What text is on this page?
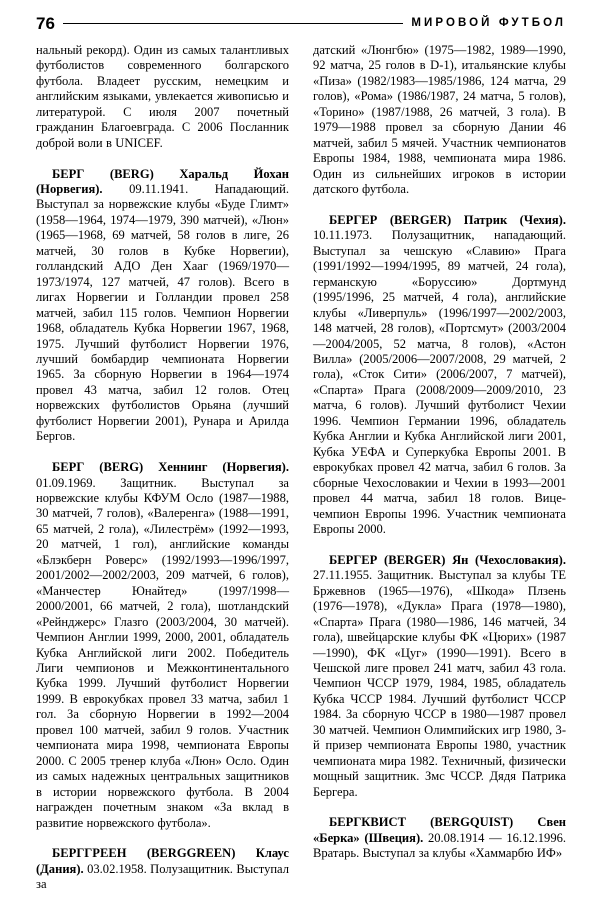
76	МИРОВОЙ ФУТБОЛ

нальный рекорд). Один из самых талантливых футболистов современного болгарского футбола. Владеет русским, немецким и английским языками, увлекается живописью и литературой. С июля 2007 почетный гражданин Благоевграда. С 2006 Посланник доброй воли в UNICEF.

БЕРГ (BERG) Харальд Йохан (Норвегия). 09.11.1941. Нападающий. Выступал за норвежские клубы «Буде Глимт» (1958—1964, 1974—1979, 390 матчей), «Люн» (1965—1968, 69 матчей, 58 голов в лиге, 26 матчей, 30 голов в Кубке Норвегии), голландский АДО Ден Хааг (1969/1970—1973/1974, 127 матчей, 47 голов). Всего в лигах Норвегии и Голландии провел 258 матчей, забил 115 голов. Чемпион Норвегии 1968, обладатель Кубка Норвегии 1967, 1968, 1975. Лучший футболист Норвегии 1976, лучший бомбардир чемпионата Норвегии 1965. За сборную Норвегии в 1964—1974 провел 43 матча, забил 12 голов. Отец норвежских футболистов Орьяна (лучший футболист Норвегии 2001), Рунара и Арилда Бергов.

БЕРГ (BERG) Хеннинг (Норвегия). 01.09.1969. Защитник. Выступал за норвежские клубы КФУМ Осло (1987—1988, 30 матчей, 7 голов), «Валеренга» (1988—1991, 65 матчей, 2 гола), «Лилестрём» (1992—1993, 20 матчей, 1 гол), английские команды «Блэкберн Роверс» (1992/1993—1996/1997, 2001/2002—2002/2003, 209 матчей, 6 голов), «Манчестер Юнайтед» (1997/1998—2000/2001, 66 матчей, 2 гола), шотландский «Рейнджерс» Глазго (2003/2004, 30 матчей). Чемпион Англии 1999, 2000, 2001, обладатель Кубка Английской лиги 2002. Победитель Лиги чемпионов и Межконтинентального Кубка 1999. Лучший футболист Норвегии 1999. В еврокубках провел 33 матча, забил 1 гол. За сборную Норвегии в 1992—2004 провел 100 матчей, забил 9 голов. Участник чемпионата мира 1998, чемпионата Европы 2000. С 2005 тренер клуба «Люн» Осло. Один из самых надежных центральных защитников в истории норвежского футбола. В 2004 награжден почетным знаком «За вклад в развитие норвежского футбола».

БЕРГГРЕЕН (BERGGREEN) Клаус (Дания). 03.02.1958. Полузащитник. Выступал за

датский «Люнгбю» (1975—1982, 1989—1990, 92 матча, 25 голов в D-1), итальянские клубы «Пиза» (1982/1983—1985/1986, 124 матча, 29 голов), «Рома» (1986/1987, 24 матча, 5 голов), «Торино» (1987/1988, 26 матчей, 3 гола). В 1979—1988 провел за сборную Дании 46 матчей, забил 5 мячей. Участник чемпионатов Европы 1984, 1988, чемпионата мира 1986. Один из сильнейших игроков в истории датского футбола.

БЕРГЕР (BERGER) Патрик (Чехия). 10.11.1973. Полузащитник, нападающий. Выступал за чешскую «Славию» Прага (1991/1992—1994/1995, 89 матчей, 24 гола), германскую «Боруссию» Дортмунд (1995/1996, 25 матчей, 4 гола), английские клубы «Ливерпуль» (1996/1997—2002/2003, 148 матчей, 28 голов), «Портсмут» (2003/2004—2004/2005, 52 матча, 8 голов), «Астон Вилла» (2005/2006—2007/2008, 29 матчей, 2 гола), «Сток Сити» (2006/2007, 7 матчей), «Спарта» Прага (2008/2009—2009/2010, 23 матча, 6 голов). Лучший футболист Чехии 1996. Чемпион Германии 1996, обладатель Кубка Англии и Кубка Английской лиги 2001, Кубка УЕФА и Суперкубка Европы 2001. В еврокубках провел 42 матча, забил 6 голов. За сборные Чехословакии и Чехии в 1993—2001 провел 44 матча, забил 18 голов. Вице-чемпион Европы 1996. Участник чемпионата Европы 2000.

БЕРГЕР (BERGER) Ян (Чехословакия). 27.11.1955. Защитник. Выступал за клубы ТЕ Бржевнов (1965—1976), «Шкода» Плзень (1976—1978), «Дукла» Прага (1978—1980), «Спарта» Прага (1980—1986, 146 матчей, 34 гола), швейцарские клубы ФК «Цюрих» (1987—1990), ФК «Цуг» (1990—1991). Всего в Чешской лиге провел 241 матч, забил 43 гола. Чемпион ЧССР 1979, 1984, 1985, обладатель Кубка ЧССР 1984. Лучший футболист ЧССР 1984. За сборную ЧССР в 1980—1987 провел 30 матчей. Чемпион Олимпийских игр 1980, 3-й призер чемпионата Европы 1980, участник чемпионата мира 1982. Техничный, физически мощный защитник. Змс ЧССР. Дядя Патрика Бергера.

БЕРГКВИСТ (BERGQUIST) Свен «Берка» (Швеция). 20.08.1914 — 16.12.1996. Вратарь. Выступал за клубы «Хаммарбю ИФ»
